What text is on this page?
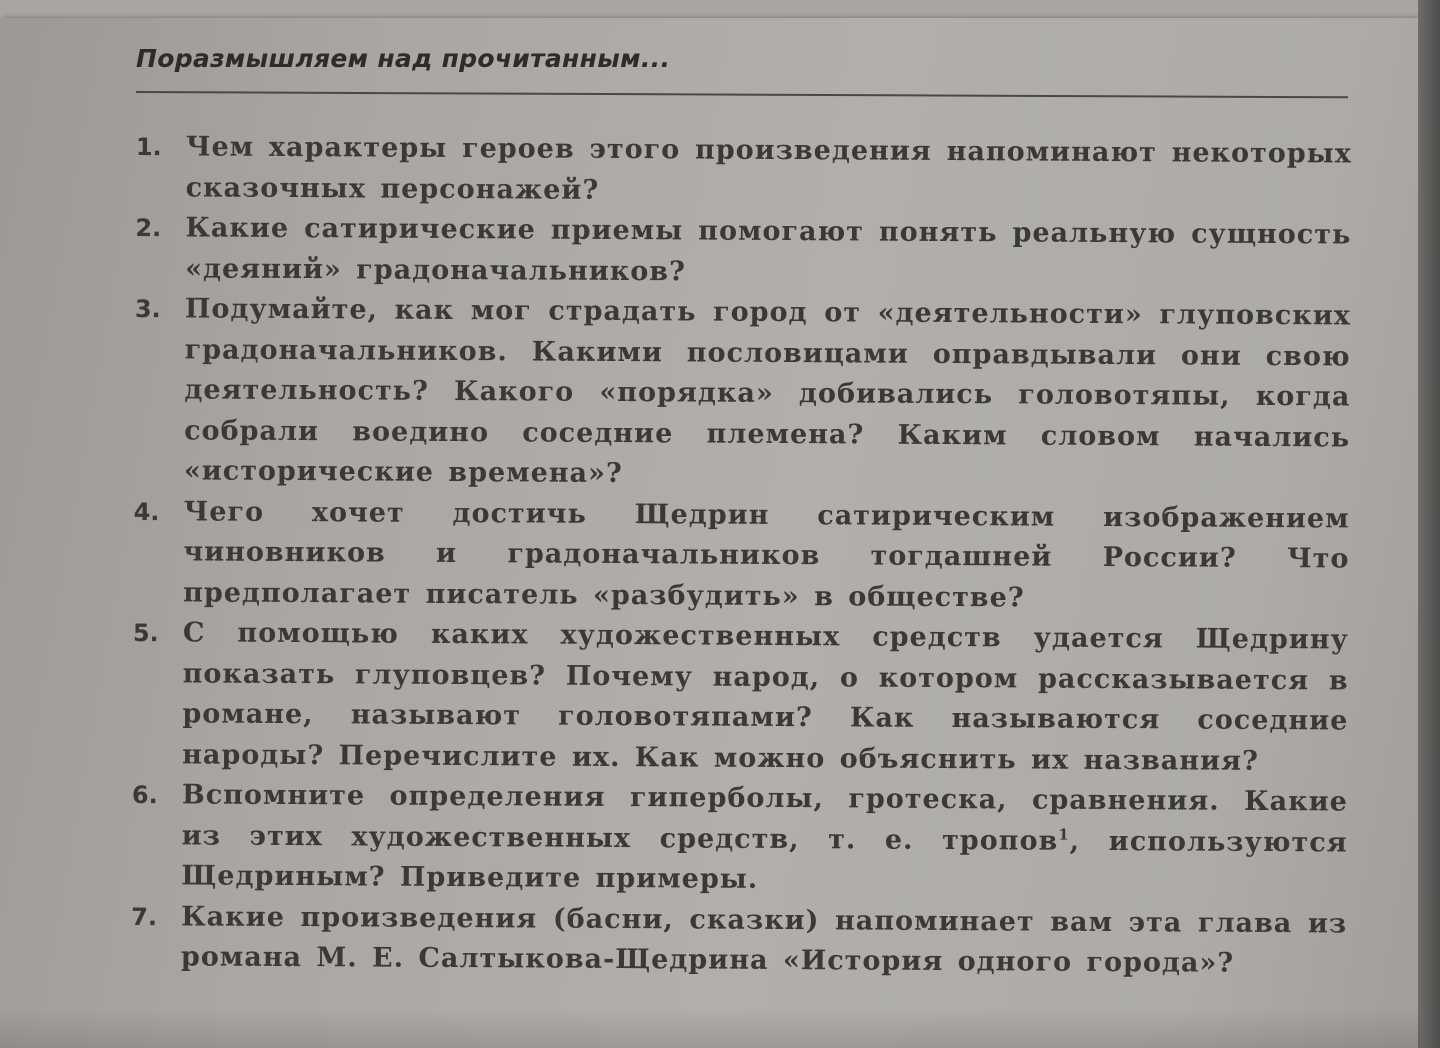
Поразмышляем над прочитанным...
1. Чем характеры героев этого произведения напоминают некоторых сказочных персонажей?
2. Какие сатирические приемы помогают понять реальную сущность «деяний» градоначальников?
3. Подумайте, как мог страдать город от «деятельности» глуповских градоначальников. Какими пословицами оправдывали они свою деятельность? Какого «порядка» добивались головотяпы, когда собрали воедино соседние племена? Каким словом начались «исторические времена»?
4. Чего хочет достичь Щедрин сатирическим изображением чиновников и градоначальников тогдашней России? Что предполагает писатель «разбудить» в обществе?
5. С помощью каких художественных средств удается Щедрину показать глуповцев? Почему народ, о котором рассказывается в романе, называют головотяпами? Как называются соседние народы? Перечислите их. Как можно объяснить их названия?
6. Вспомните определения гиперболы, гротеска, сравнения. Какие из этих художественных средств, т. е. тропов$^1$, используются Щедриным? Приведите примеры.
7. Какие произведения (басни, сказки) напоминает вам эта глава из романа М. Е. Салтыкова-Щедрина «История одного города»?
